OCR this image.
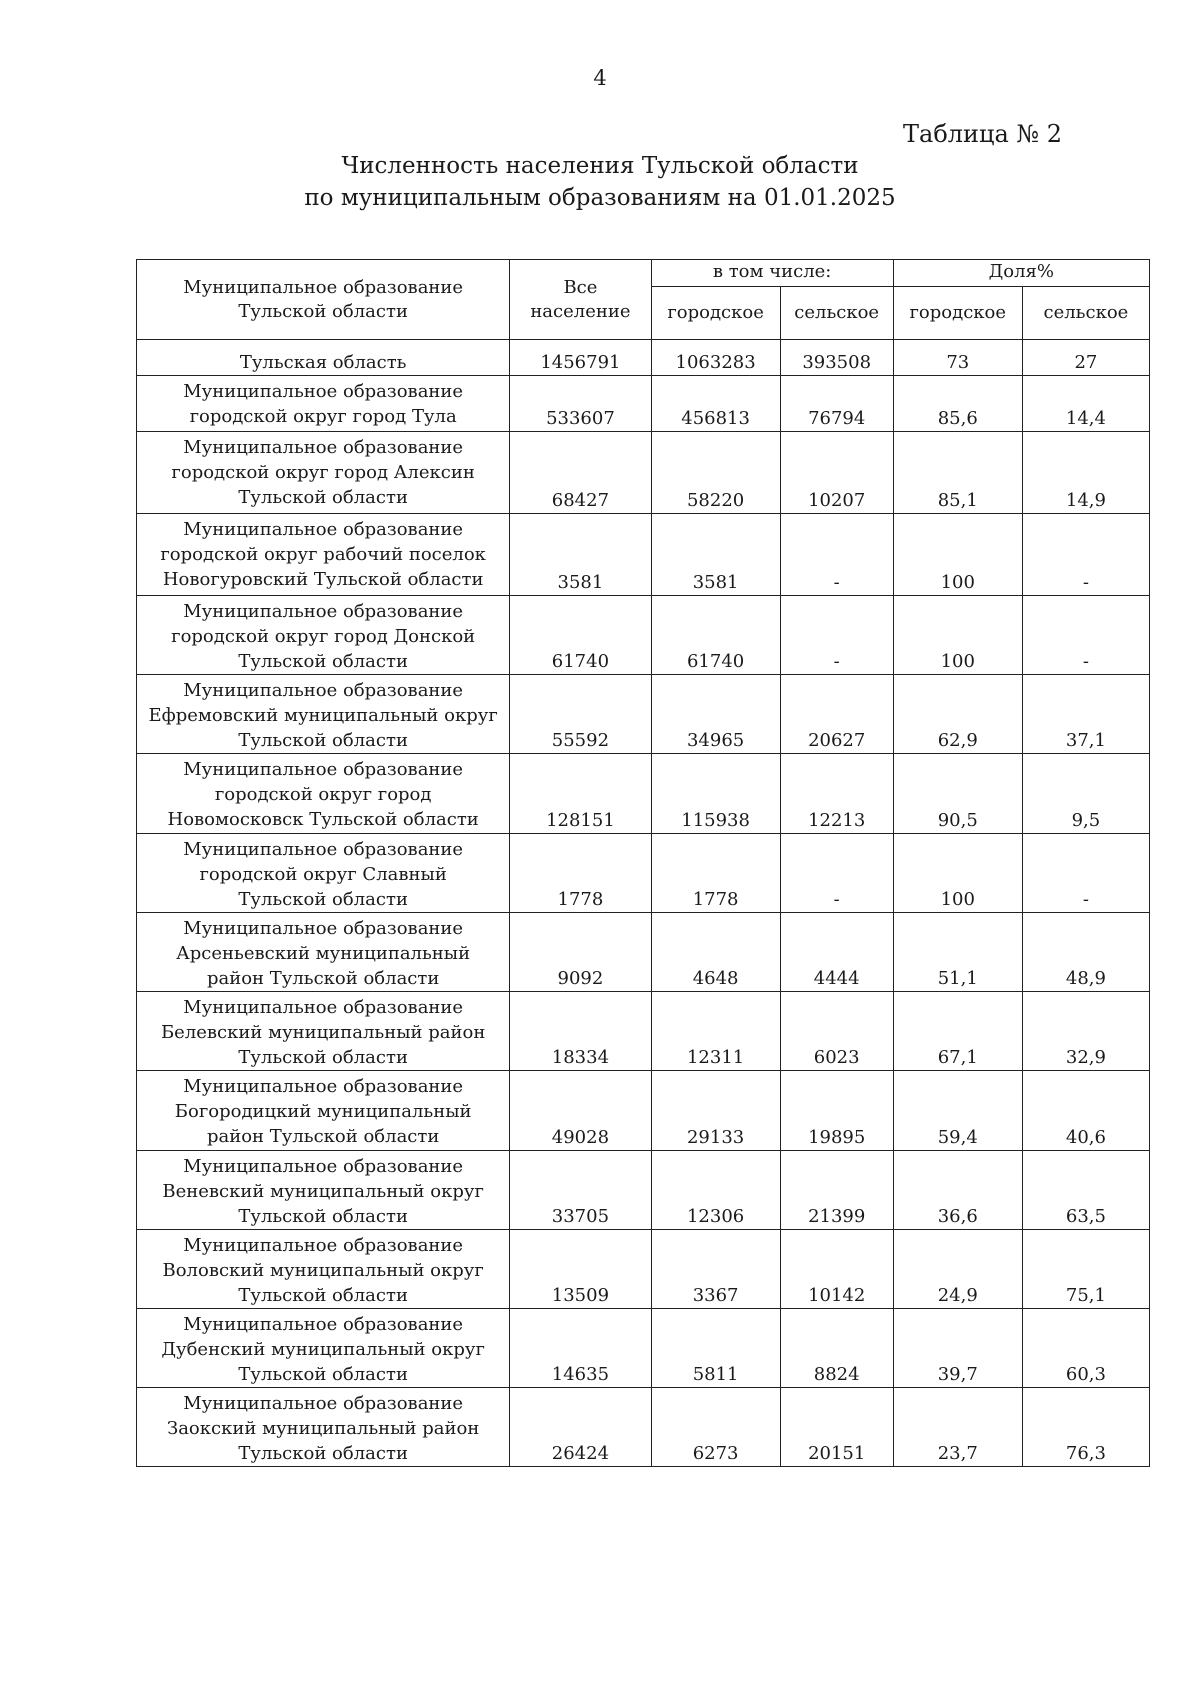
4
Таблица № 2
Численность населения Тульской области
по муниципальным образованиям на 01.01.2025
Муниципальное образование Тульской области	Все население	в том числе:		Доля%	
		городское	сельское	городское	сельское
Тульская область	1456791	1063283	393508	73	27
Муниципальное образование
городской округ город Тула	533607	456813	76794	85,6	14,4
Муниципальное образование
городской округ город Алексин
Тульской области	68427	58220	10207	85,1	14,9
Муниципальное образование
городской округ рабочий поселок
Новогуровский Тульской области	3581	3581	-	100	-
Муниципальное образование
городской округ город Донской
Тульской области	61740	61740	-	100	-
Муниципальное образование
Ефремовский муниципальный округ
Тульской области	55592	34965	20627	62,9	37,1
Муниципальное образование
городской округ город
Новомосковск Тульской области	128151	115938	12213	90,5	9,5
Муниципальное образование
городской округ Славный
Тульской области	1778	1778	-	100	-
Муниципальное образование
Арсеньевский муниципальный
район Тульской области	9092	4648	4444	51,1	48,9
Муниципальное образование
Белевский муниципальный район
Тульской области	18334	12311	6023	67,1	32,9
Муниципальное образование
Богородицкий муниципальный
район Тульской области	49028	29133	19895	59,4	40,6
Муниципальное образование
Веневский муниципальный округ
Тульской области	33705	12306	21399	36,6	63,5
Муниципальное образование
Воловский муниципальный округ
Тульской области	13509	3367	10142	24,9	75,1
Муниципальное образование
Дубенский муниципальный округ
Тульской области	14635	5811	8824	39,7	60,3
Муниципальное образование
Заокский муниципальный район
Тульской области	26424	6273	20151	23,7	76,3
